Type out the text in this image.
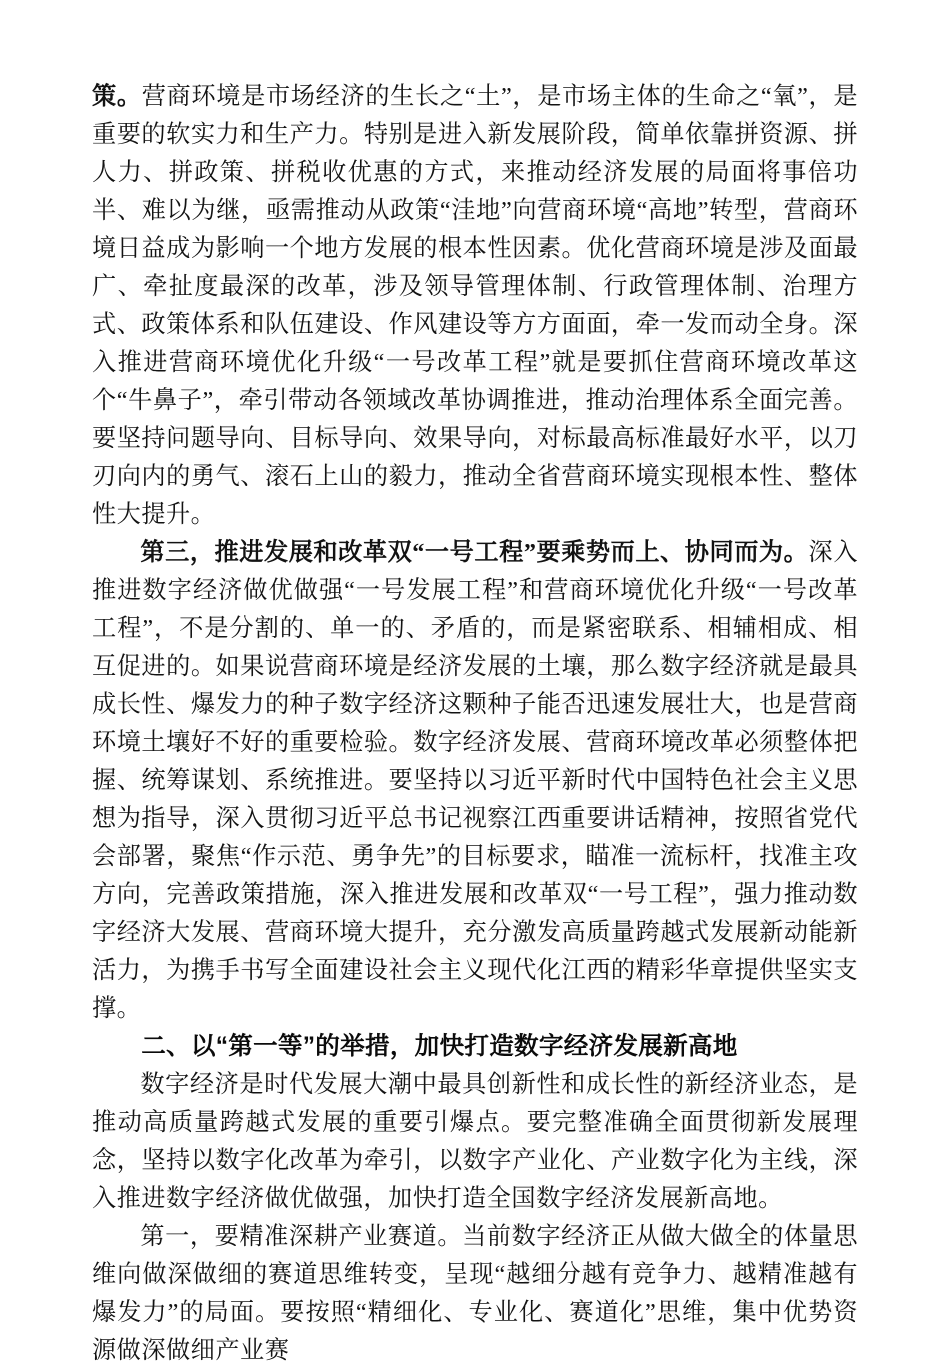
策。营商环境是市场经济的生长之“土”，是市场主体的生命之“氧”，是重要的软实力和生产力。特别是进入新发展阶段，简单依靠拼资源、拼人力、拼政策、拼税收优惠的方式，来推动经济发展的局面将事倍功半、难以为继，亟需推动从政策“洼地”向营商环境“高地”转型，营商环境日益成为影响一个地方发展的根本性因素。优化营商环境是涉及面最广、牵扯度最深的改革，涉及领导管理体制、行政管理体制、治理方式、政策体系和队伍建设、作风建设等方方面面，牵一发而动全身。深入推进营商环境优化升级“一号改革工程”就是要抓住营商环境改革这个“牛鼻子”，牵引带动各领域改革协调推进，推动治理体系全面完善。要坚持问题导向、目标导向、效果导向，对标最高标准最好水平，以刀刃向内的勇气、滚石上山的毅力，推动全省营商环境实现根本性、整体性大提升。

第三，推进发展和改革双“一号工程”要乘势而上、协同而为。深入推进数字经济做优做强“一号发展工程”和营商环境优化升级“一号改革工程”，不是分割的、单一的、矛盾的，而是紧密联系、相辅相成、相互促进的。如果说营商环境是经济发展的土壤，那么数字经济就是最具成长性、爆发力的种子数字经济这颗种子能否迅速发展壮大，也是营商环境土壤好不好的重要检验。数字经济发展、营商环境改革必须整体把握、统筹谋划、系统推进。要坚持以习近平新时代中国特色社会主义思想为指导，深入贯彻习近平总书记视察江西重要讲话精神，按照省党代会部署，聚焦“作示范、勇争先”的目标要求，瞄准一流标杆，找准主攻方向，完善政策措施，深入推进发展和改革双“一号工程”，强力推动数字经济大发展、营商环境大提升，充分激发高质量跨越式发展新动能新活力，为携手书写全面建设社会主义现代化江西的精彩华章提供坚实支撑。

二、以“第一等”的举措，加快打造数字经济发展新高地

数字经济是时代发展大潮中最具创新性和成长性的新经济业态，是推动高质量跨越式发展的重要引爆点。要完整准确全面贯彻新发展理念，坚持以数字化改革为牵引，以数字产业化、产业数字化为主线，深入推进数字经济做优做强，加快打造全国数字经济发展新高地。

第一，要精准深耕产业赛道。当前数字经济正从做大做全的体量思维向做深做细的赛道思维转变，呈现“越细分越有竞争力、越精准越有爆发力”的局面。要按照“精细化、专业化、赛道化”思维，集中优势资源做深做细产业赛
